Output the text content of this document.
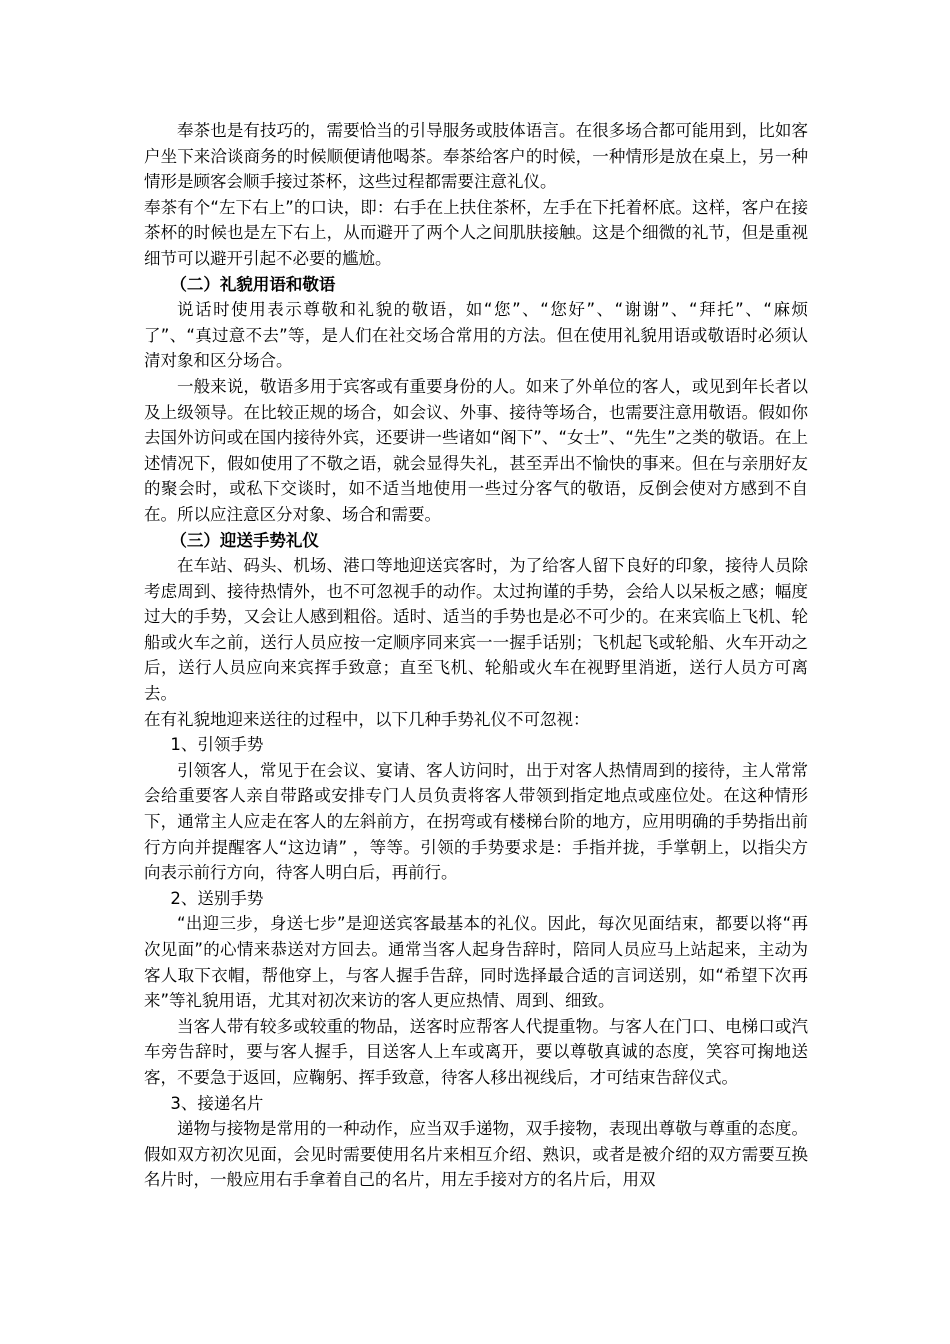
奉茶也是有技巧的，需要恰当的引导服务或肢体语言。在很多场合都可能用到，比如客户坐下来洽谈商务的时候顺便请他喝茶。奉茶给客户的时候，一种情形是放在桌上，另一种情形是顾客会顺手接过茶杯，这些过程都需要注意礼仪。

奉茶有个“左下右上”的口诀，即：右手在上扶住茶杯，左手在下托着杯底。这样，客户在接茶杯的时候也是左下右上，从而避开了两个人之间肌肤接触。这是个细微的礼节，但是重视细节可以避开引起不必要的尴尬。

（二）礼貌用语和敬语

说话时使用表示尊敬和礼貌的敬语，如“您”、“您好”、“谢谢”、“拜托”、“麻烦了”、“真过意不去”等，是人们在社交场合常用的方法。但在使用礼貌用语或敬语时必须认清对象和区分场合。

一般来说，敬语多用于宾客或有重要身份的人。如来了外单位的客人，或见到年长者以及上级领导。在比较正规的场合，如会议、外事、接待等场合，也需要注意用敬语。假如你去国外访问或在国内接待外宾，还要讲一些诸如“阁下”、“女士”、“先生”之类的敬语。在上述情况下，假如使用了不敬之语，就会显得失礼，甚至弄出不愉快的事来。但在与亲朋好友的聚会时，或私下交谈时，如不适当地使用一些过分客气的敬语，反倒会使对方感到不自在。所以应注意区分对象、场合和需要。

（三）迎送手势礼仪

在车站、码头、机场、港口等地迎送宾客时，为了给客人留下良好的印象，接待人员除考虑周到、接待热情外，也不可忽视手的动作。太过拘谨的手势，会给人以呆板之感；幅度过大的手势，又会让人感到粗俗。适时、适当的手势也是必不可少的。在来宾临上飞机、轮船或火车之前，送行人员应按一定顺序同来宾一一握手话别；飞机起飞或轮船、火车开动之后，送行人员应向来宾挥手致意；直至飞机、轮船或火车在视野里消逝，送行人员方可离去。

在有礼貌地迎来送往的过程中，以下几种手势礼仪不可忽视：

1、引领手势

引领客人，常见于在会议、宴请、客人访问时，出于对客人热情周到的接待，主人常常会给重要客人亲自带路或安排专门人员负责将客人带领到指定地点或座位处。在这种情形下，通常主人应走在客人的左斜前方，在拐弯或有楼梯台阶的地方，应用明确的手势指出前行方向并提醒客人“这边请” ，等等。引领的手势要求是：手指并拢，手掌朝上，以指尖方向表示前行方向，待客人明白后，再前行。

2、送别手势

“出迎三步，身送七步”是迎送宾客最基本的礼仪。因此，每次见面结束，都要以将“再次见面”的心情来恭送对方回去。通常当客人起身告辞时，陪同人员应马上站起来，主动为客人取下衣帽，帮他穿上，与客人握手告辞，同时选择最合适的言词送别，如“希望下次再来”等礼貌用语，尤其对初次来访的客人更应热情、周到、细致。

当客人带有较多或较重的物品，送客时应帮客人代提重物。与客人在门口、电梯口或汽车旁告辞时，要与客人握手，目送客人上车或离开，要以尊敬真诚的态度，笑容可掬地送客，不要急于返回，应鞠躬、挥手致意，待客人移出视线后，才可结束告辞仪式。

3、接递名片

递物与接物是常用的一种动作，应当双手递物，双手接物，表现出尊敬与尊重的态度。假如双方初次见面，会见时需要使用名片来相互介绍、熟识，或者是被介绍的双方需要互换名片时，一般应用右手拿着自己的名片，用左手接对方的名片后，用双
